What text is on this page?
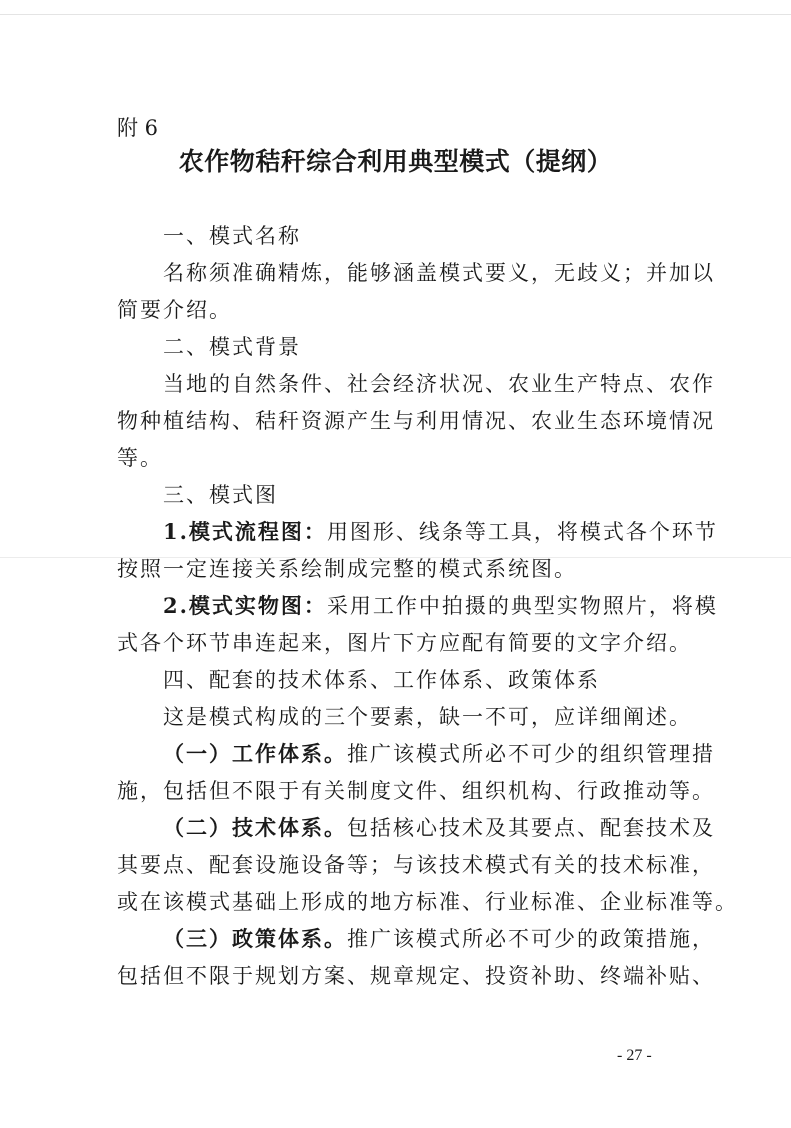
附 6

农作物秸秆综合利用典型模式（提纲）

一、模式名称

名称须准确精炼，能够涵盖模式要义，无歧义；并加以

简要介绍。

二、模式背景

当地的自然条件、社会经济状况、农业生产特点、农作

物种植结构、秸秆资源产生与利用情况、农业生态环境情况

等。

三、模式图

1.模式流程图：用图形、线条等工具，将模式各个环节

按照一定连接关系绘制成完整的模式系统图。

2.模式实物图：采用工作中拍摄的典型实物照片，将模

式各个环节串连起来，图片下方应配有简要的文字介绍。

四、配套的技术体系、工作体系、政策体系

这是模式构成的三个要素，缺一不可，应详细阐述。

（一）工作体系。推广该模式所必不可少的组织管理措

施，包括但不限于有关制度文件、组织机构、行政推动等。

（二）技术体系。包括核心技术及其要点、配套技术及

其要点、配套设施设备等；与该技术模式有关的技术标准，

或在该模式基础上形成的地方标准、行业标准、企业标准等。

（三）政策体系。推广该模式所必不可少的政策措施，

包括但不限于规划方案、规章规定、投资补助、终端补贴、

- 27 -
